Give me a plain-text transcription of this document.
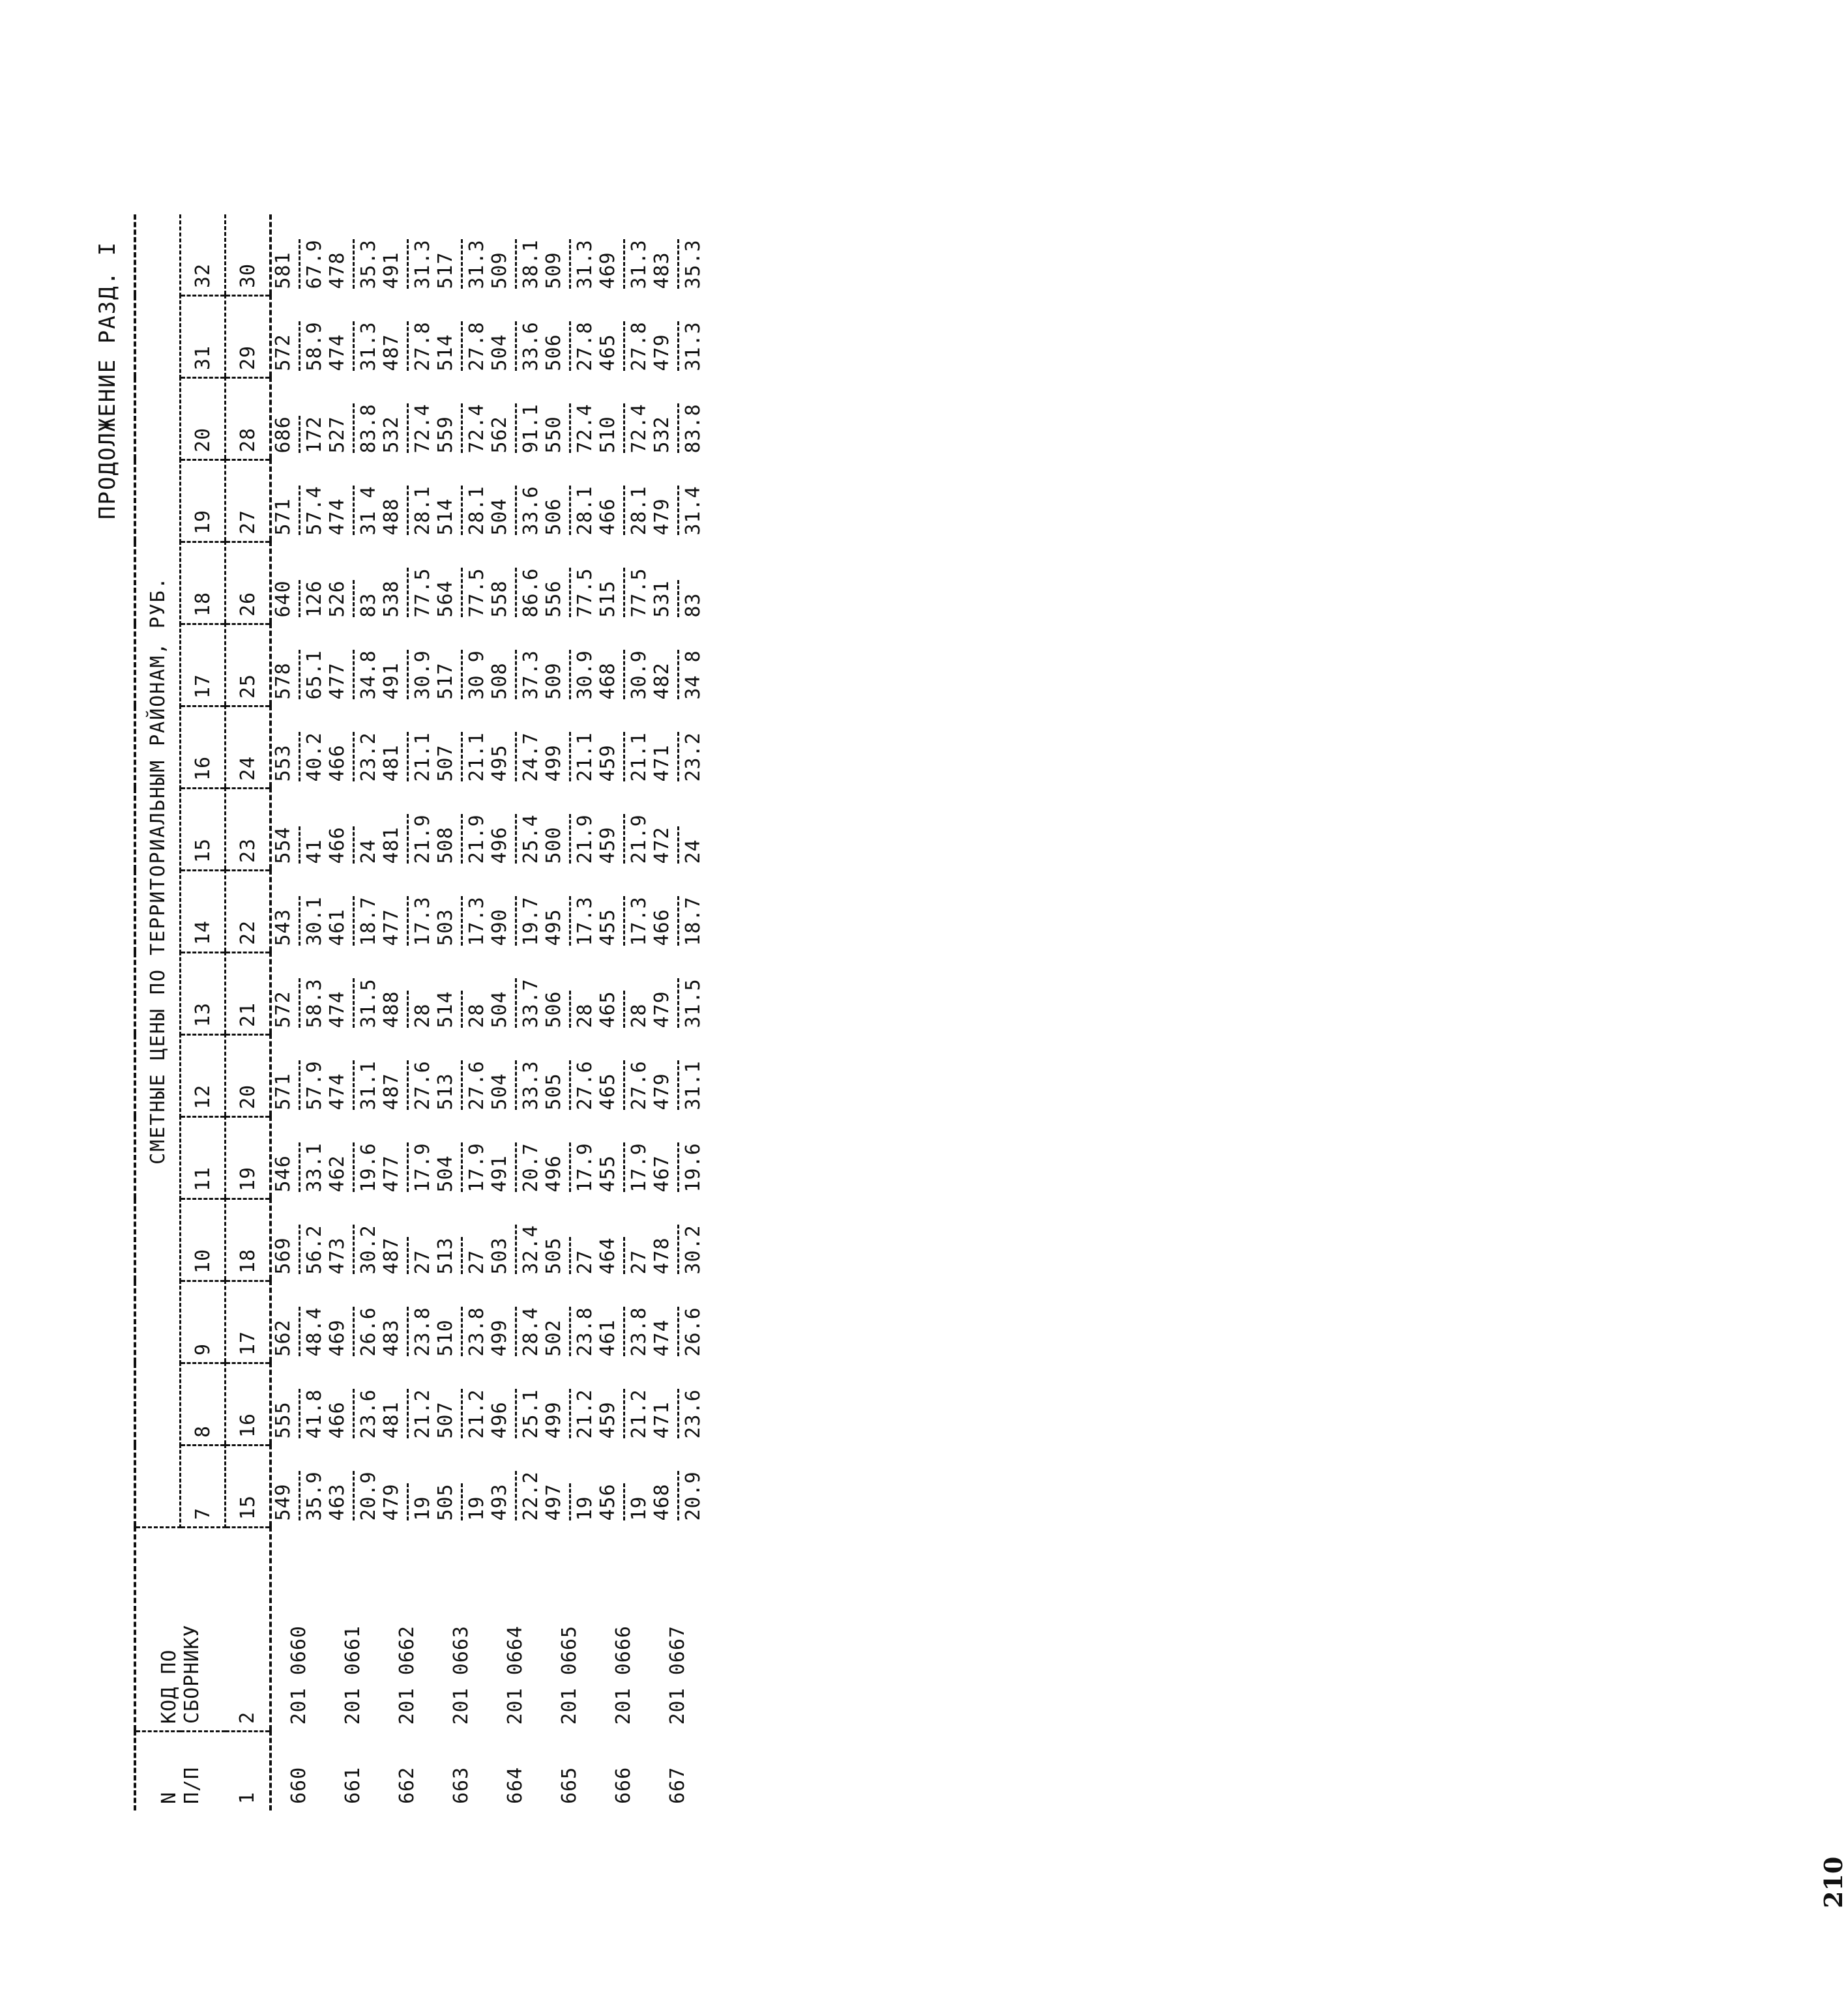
210
ПРОДОЛЖЕНИЕ РАЗД. I
N
П/П	КОД ПО
СБОРНИКУ	СМЕТНЫЕ ЦЕНЫ ПО ТЕРРИТОРИАЛЬНЫМ РАЙОНАМ, РУБ.															
		7	8	9	10	11	12	13	14	15	16	17	18	19	20	31	32
1	2	15	16	17	18	19	20	21	22	23	24	25	26	27	28	29	30
660	201 0660	549 35.9	555 41.8	562 48.4	569 56.2	546 33.1	571 57.9	572 58.3	543 30.1	554 41	553 40.2	578 65.1	640 126	571 57.4	686 172	572 58.9	581 67.9

661	201 0661	463 20.9	466 23.6	469 26.6	473 30.2	462 19.6	474 31.1	474 31.5	461 18.7	466 24	466 23.2	477 34.8	526 83	474 31 4	527 83.8	474 31.3	478 35.3

662	201 0662	479 19	481 21.2	483 23.8	487 27	477 17.9	487 27.6	488 28	477 17.3	481 21.9	481 21.1	491 30.9	538 77.5	488 28.1	532 72.4	487 27.8	491 31.3

663	201 0663	505 19	507 21.2	510 23.8	513 27	504 17.9	513 27.6	514 28	503 17.3	508 21.9	507 21.1	517 30 9	564 77.5	514 28.1	559 72.4	514 27.8	517 31.3

664	201 0664	493 22.2	496 25.1	499 28.4	503 32.4	491 20.7	504 33.3	504 33.7	490 19.7	496 25.4	495 24.7	508 37.3	558 86.6	504 33.6	562 91.1	504 33.6	509 38.1

665	201 0665	497 19	499 21.2	502 23.8	505 27	496 17.9	505 27.6	506 28	495 17.3	500 21.9	499 21.1	509 30.9	556 77.5	506 28.1	550 72.4	506 27.8	509 31.3

666	201 0666	456 19	459 21.2	461 23.8	464 27	455 17.9	465 27.6	465 28	455 17.3	459 21.9	459 21.1	468 30.9	515 77.5	466 28.1	510 72.4	465 27.8	469 31.3

667	201 0667	468 20.9	471 23.6	474 26.6	478 30.2	467 19.6	479 31.1	479 31.5	466 18.7	472 24	471 23.2	482 34 8	531 83	479 31.4	532 83.8	479 31.3	483 35.3
